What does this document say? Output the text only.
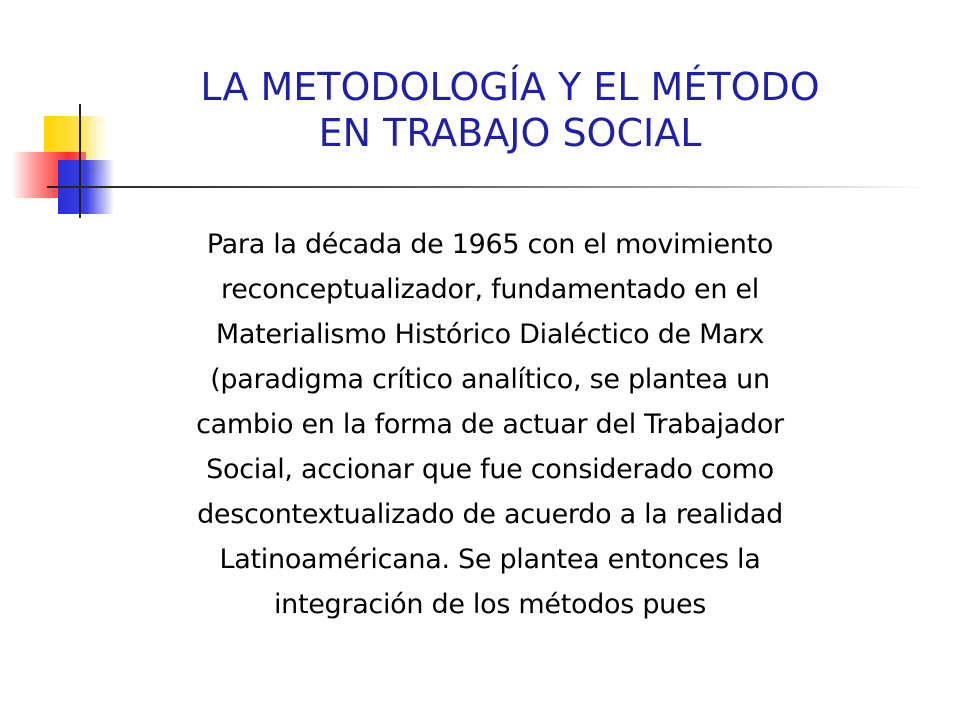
LA METODOLOGÍA Y EL MÉTODO
EN TRABAJO SOCIAL

Para la década de 1965 con el movimiento
reconceptualizador, fundamentado en el
Materialismo Histórico Dialéctico de Marx
(paradigma crítico analítico, se plantea un
cambio en la forma de actuar del Trabajador
Social, accionar que fue considerado como
descontextualizado de acuerdo a la realidad
Latinoaméricana. Se plantea entonces la
integración de los métodos pues
